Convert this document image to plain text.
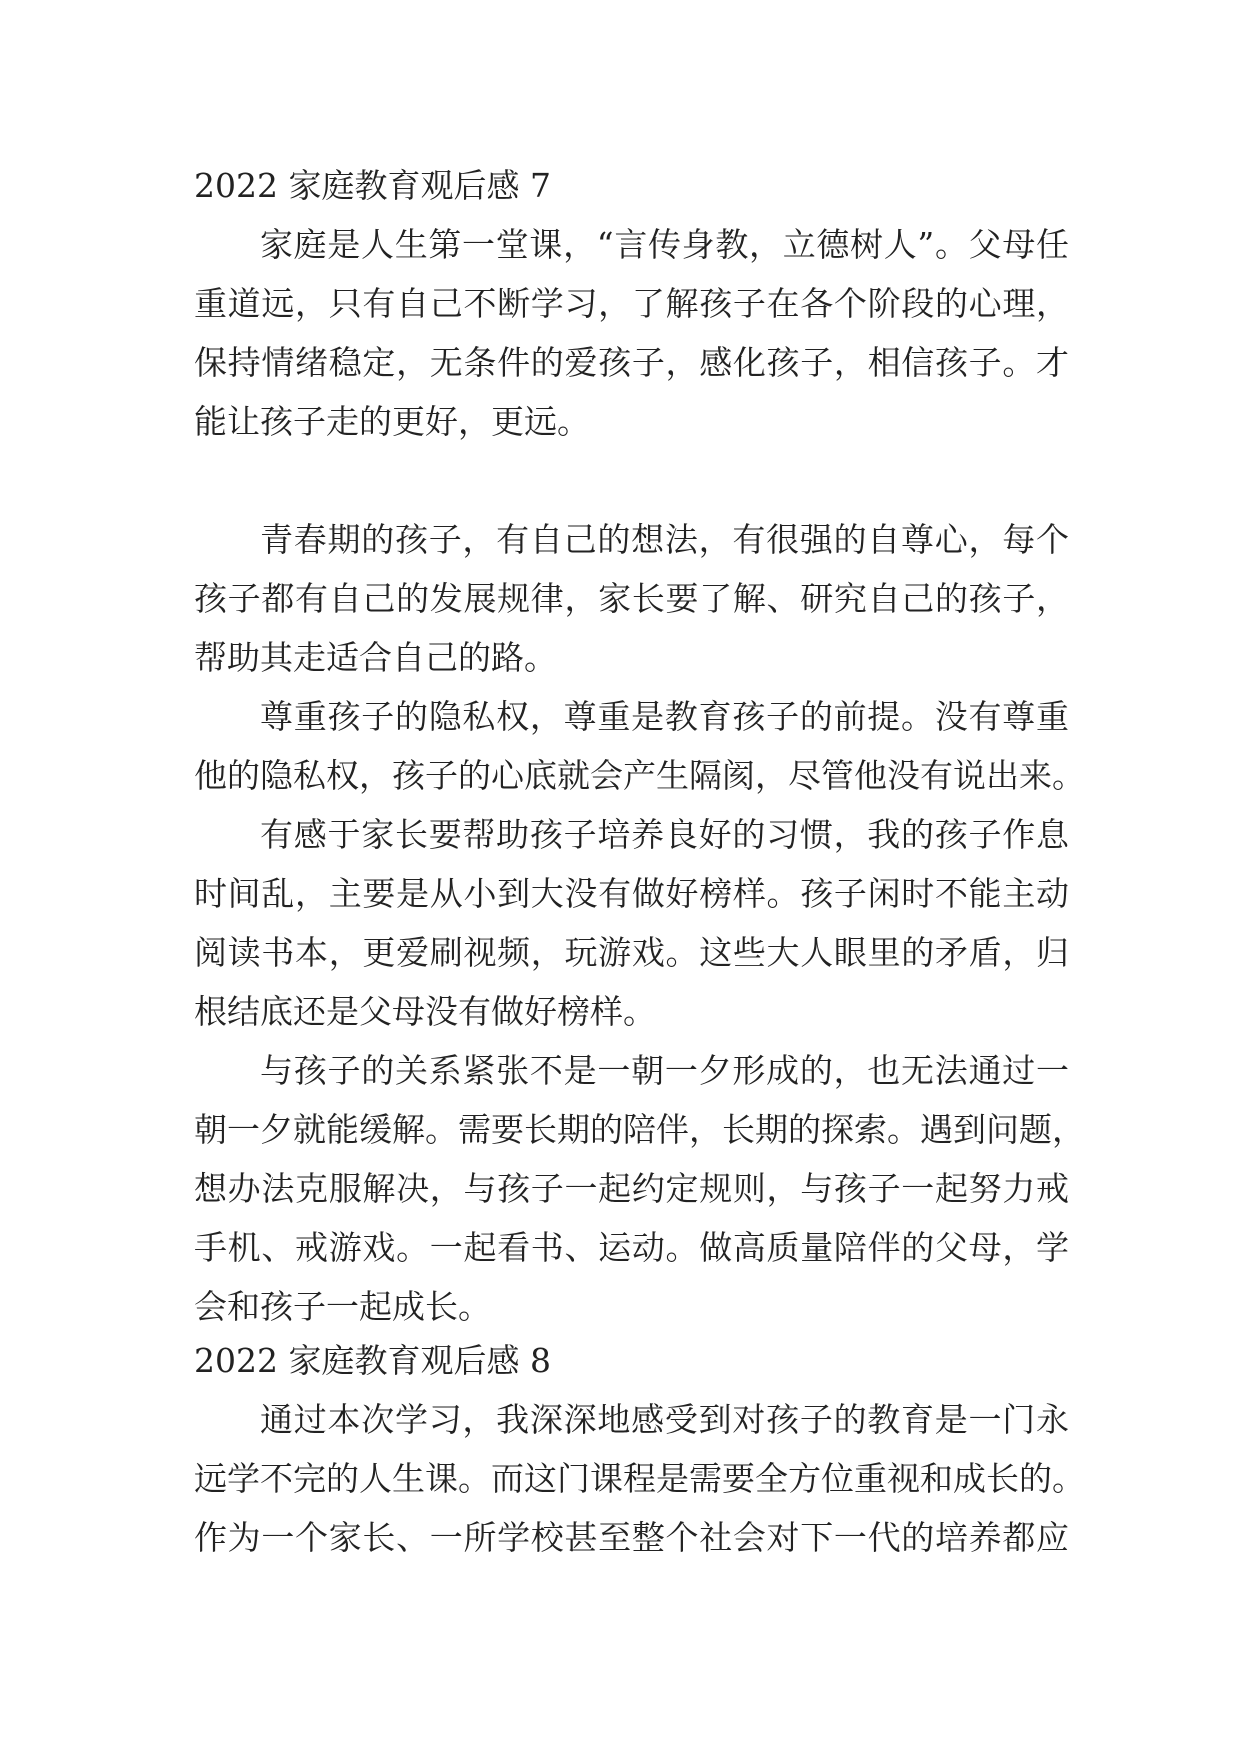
2022 家庭教育观后感 7
家庭是人生第一堂课，“言传身教，立德树人”。父母任
重道远，只有自己不断学习，了解孩子在各个阶段的心理，
保持情绪稳定，无条件的爱孩子，感化孩子，相信孩子。才
能让孩子走的更好，更远。
青春期的孩子，有自己的想法，有很强的自尊心，每个
孩子都有自己的发展规律，家长要了解、研究自己的孩子，
帮助其走适合自己的路。
尊重孩子的隐私权，尊重是教育孩子的前提。没有尊重
他的隐私权，孩子的心底就会产生隔阂，尽管他没有说出来。
有感于家长要帮助孩子培养良好的习惯，我的孩子作息
时间乱，主要是从小到大没有做好榜样。孩子闲时不能主动
阅读书本，更爱刷视频，玩游戏。这些大人眼里的矛盾，归
根结底还是父母没有做好榜样。
与孩子的关系紧张不是一朝一夕形成的，也无法通过一
朝一夕就能缓解。需要长期的陪伴，长期的探索。遇到问题，
想办法克服解决，与孩子一起约定规则，与孩子一起努力戒
手机、戒游戏。一起看书、运动。做高质量陪伴的父母，学
会和孩子一起成长。
2022 家庭教育观后感 8
通过本次学习，我深深地感受到对孩子的教育是一门永
远学不完的人生课。而这门课程是需要全方位重视和成长的。
作为一个家长、一所学校甚至整个社会对下一代的培养都应
